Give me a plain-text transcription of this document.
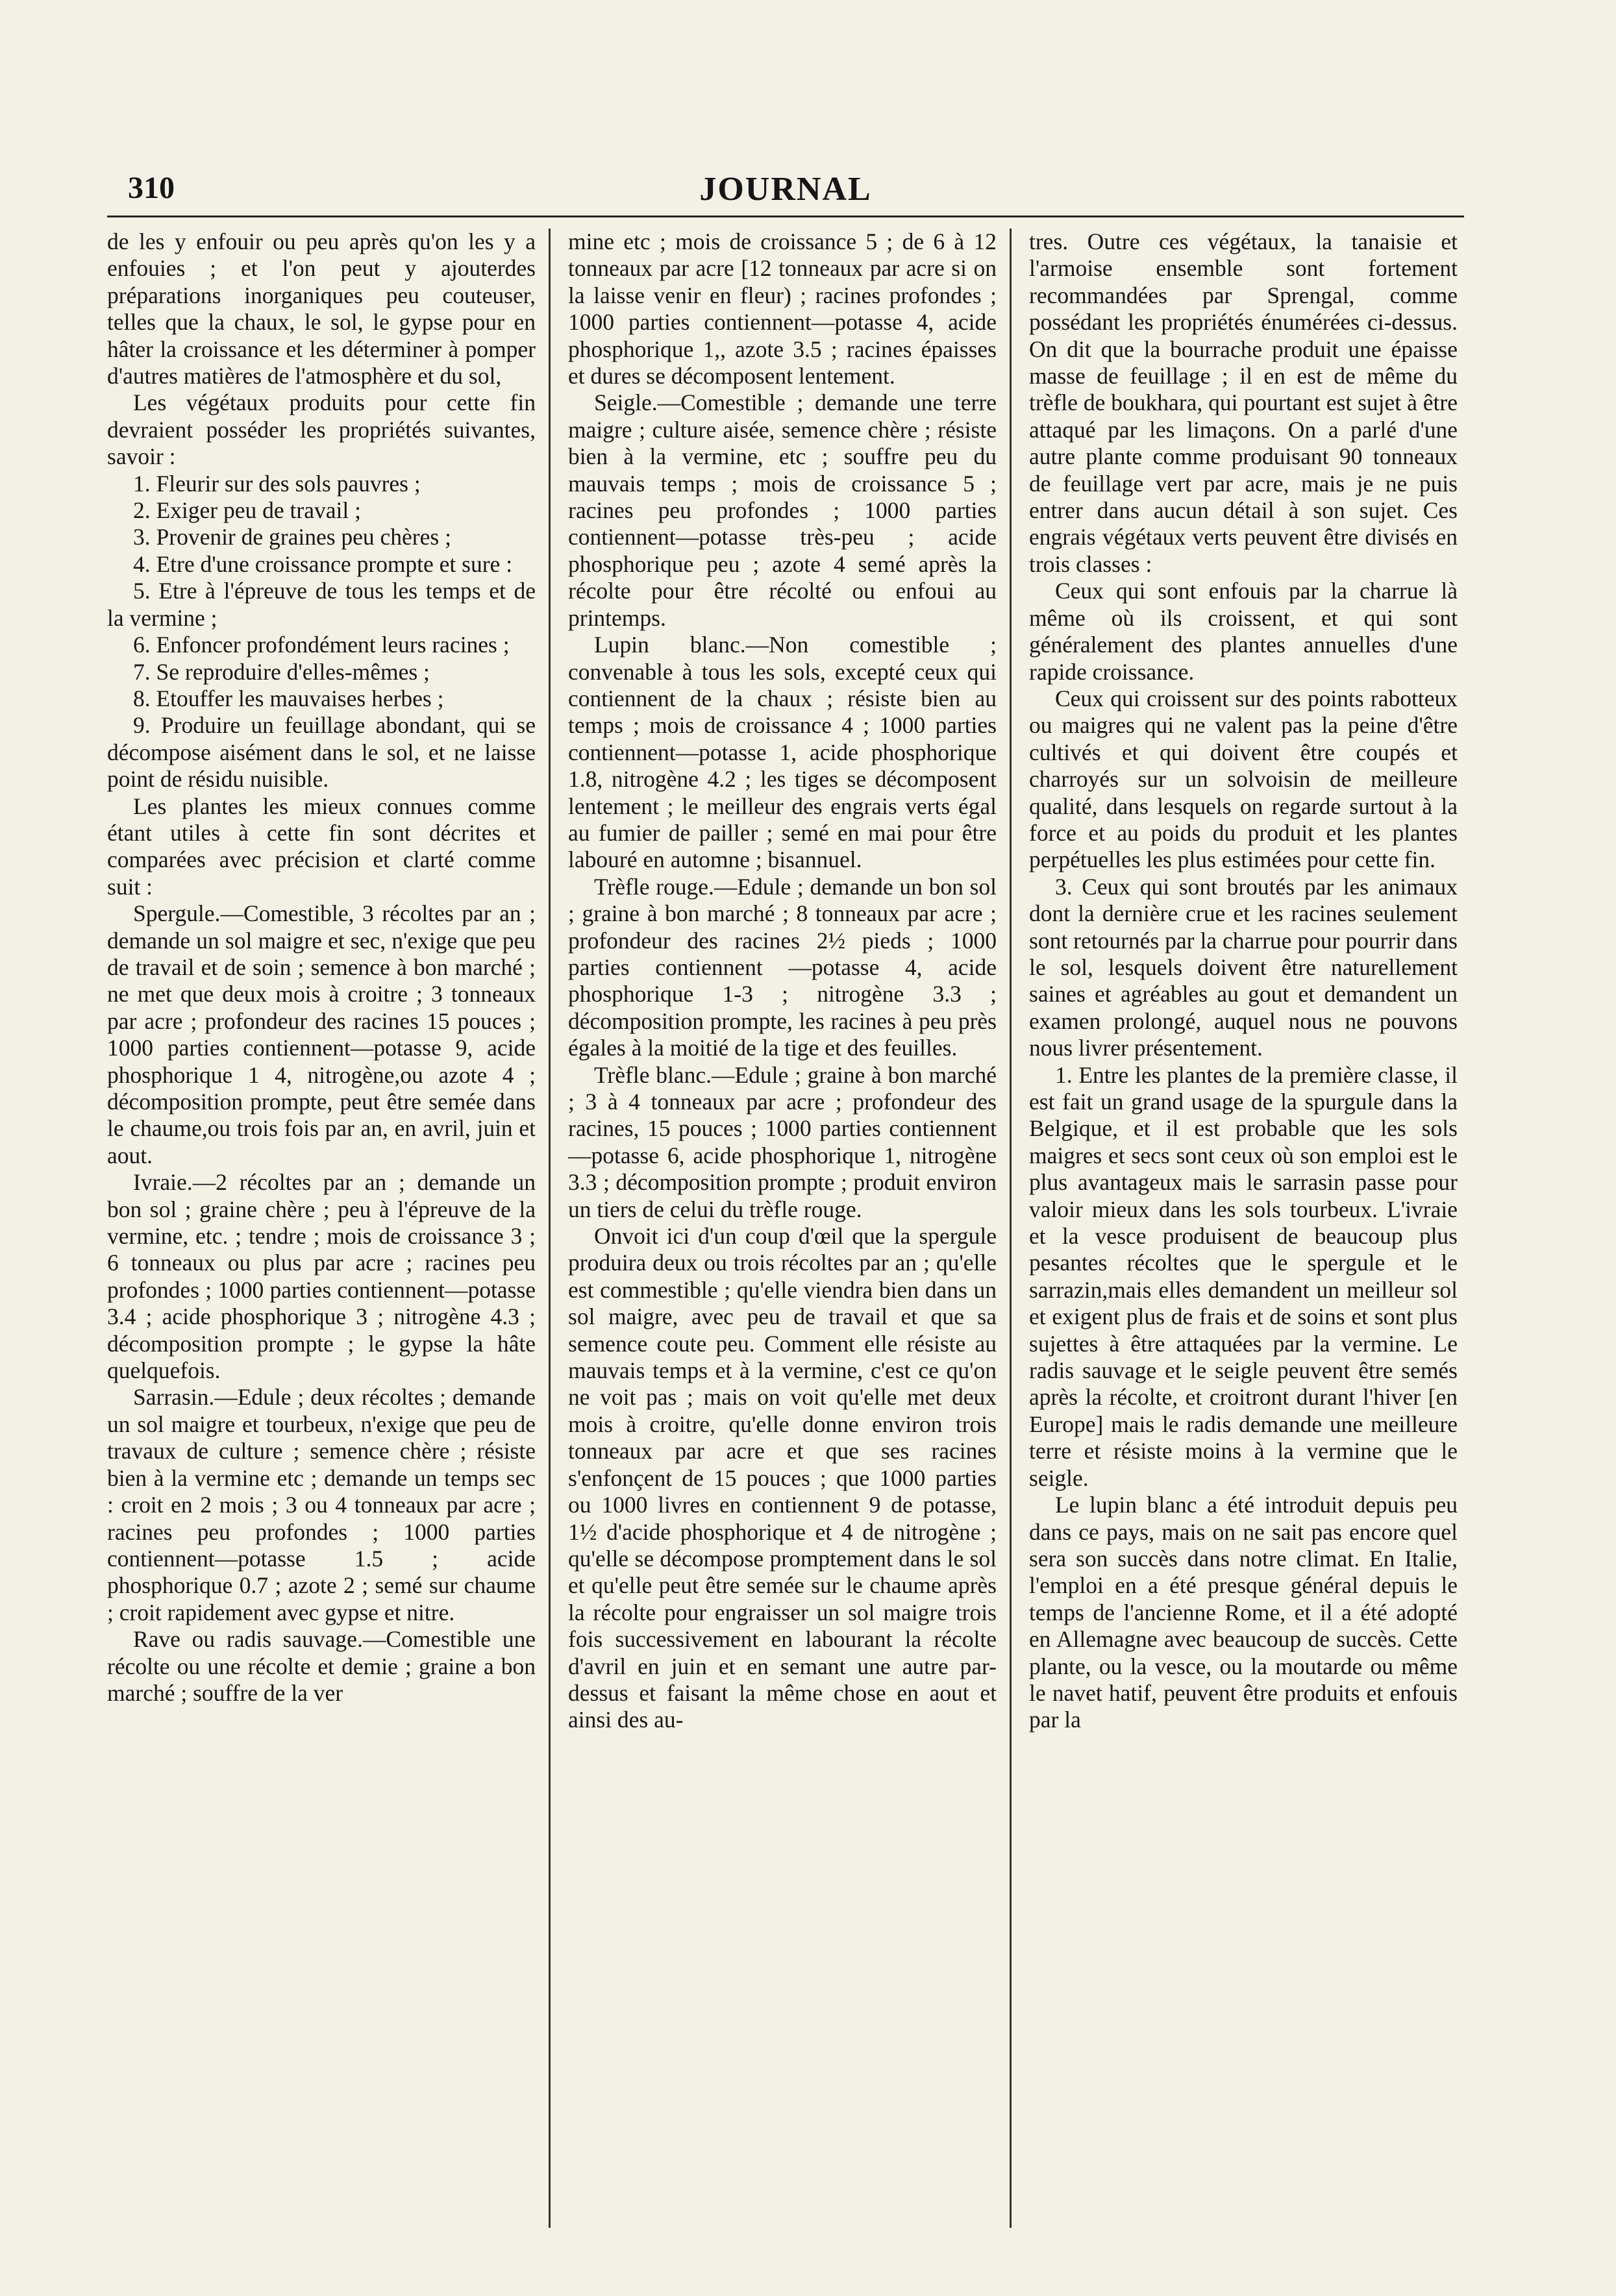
310	JOURNAL

de les y enfouir ou peu après qu'on les y a enfouies ; et l'on peut y ajouterdes préparations inorganiques peu couteuser, telles que la chaux, le sol, le gypse pour en hâter la croissance et les déterminer à pomper d'autres matières de l'atmosphère et du sol,

Les végétaux produits pour cette fin devraient posséder les propriétés suivantes, savoir :

1. Fleurir sur des sols pauvres ;

2. Exiger peu de travail ;

3. Provenir de graines peu chères ;

4. Etre d'une croissance prompte et sure :

5. Etre à l'épreuve de tous les temps et de la vermine ;

6. Enfoncer profondément leurs racines ;

7. Se reproduire d'elles-mêmes ;

8. Etouffer les mauvaises herbes ;

9. Produire un feuillage abondant, qui se décompose aisément dans le sol, et ne laisse point de résidu nuisible.

Les plantes les mieux connues comme étant utiles à cette fin sont décrites et comparées avec précision et clarté comme suit :

Spergule.—Comestible, 3 récoltes par an ; demande un sol maigre et sec, n'exige que peu de travail et de soin ; semence à bon marché ; ne met que deux mois à croitre ; 3 tonneaux par acre ; profondeur des racines 15 pouces ; 1000 parties contiennent—potasse 9, acide phosphorique 1 4, nitrogène,ou azote 4 ; décomposition prompte, peut être semée dans le chaume,ou trois fois par an, en avril, juin et aout.

Ivraie.—2 récoltes par an ; demande un bon sol ; graine chère ; peu à l'épreuve de la vermine, etc. ; tendre ; mois de croissance 3 ; 6 tonneaux ou plus par acre ; racines peu profondes ; 1000 parties contiennent—potasse 3.4 ; acide phosphorique 3 ; nitrogène 4.3 ; décomposition prompte ; le gypse la hâte quelquefois.

Sarrasin.—Edule ; deux récoltes ; demande un sol maigre et tourbeux, n'exige que peu de travaux de culture ; semence chère ; résiste bien à la vermine etc ; demande un temps sec : croit en 2 mois ; 3 ou 4 tonneaux par acre ; racines peu profondes ; 1000 parties contiennent—potasse 1.5 ; acide phosphorique 0.7 ; azote 2 ; semé sur chaume ; croit rapidement avec gypse et nitre.

Rave ou radis sauvage.—Comestible une récolte ou une récolte et demie ; graine a bon marché ; souffre de la ver

mine etc ; mois de croissance 5 ; de 6 à 12 tonneaux par acre [12 tonneaux par acre si on la laisse venir en fleur) ; racines profondes ; 1000 parties contiennent—potasse 4, acide phosphorique 1,, azote 3.5 ; racines épaisses et dures se décomposent lentement.

Seigle.—Comestible ; demande une terre maigre ; culture aisée, semence chère ; résiste bien à la vermine, etc ; souffre peu du mauvais temps ; mois de croissance 5 ; racines peu profondes ; 1000 parties contiennent—potasse très-peu ; acide phosphorique peu ; azote 4 semé après la récolte pour être récolté ou enfoui au printemps.

Lupin blanc.—Non comestible ; convenable à tous les sols, excepté ceux qui contiennent de la chaux ; résiste bien au temps ; mois de croissance 4 ; 1000 parties contiennent—potasse 1, acide phosphorique 1.8, nitrogène 4.2 ; les tiges se décomposent lentement ; le meilleur des engrais verts égal au fumier de pailler ; semé en mai pour être labouré en automne ; bisannuel.

Trèfle rouge.—Edule ; demande un bon sol ; graine à bon marché ; 8 tonneaux par acre ; profondeur des racines 2½ pieds ; 1000 parties contiennent —potasse 4, acide phosphorique 1-3 ; nitrogène 3.3 ; décomposition prompte, les racines à peu près égales à la moitié de la tige et des feuilles.

Trèfle blanc.—Edule ; graine à bon marché ; 3 à 4 tonneaux par acre ; profondeur des racines, 15 pouces ; 1000 parties contiennent—potasse 6, acide phosphorique 1, nitrogène 3.3 ; décomposition prompte ; produit environ un tiers de celui du trèfle rouge.

Onvoit ici d'un coup d'œil que la spergule produira deux ou trois récoltes par an ; qu'elle est commestible ; qu'elle viendra bien dans un sol maigre, avec peu de travail et que sa semence coute peu. Comment elle résiste au mauvais temps et à la vermine, c'est ce qu'on ne voit pas ; mais on voit qu'elle met deux mois à croitre, qu'elle donne environ trois tonneaux par acre et que ses racines s'enfonçent de 15 pouces ; que 1000 parties ou 1000 livres en contiennent 9 de potasse, 1½ d'acide phosphorique et 4 de nitrogène ; qu'elle se décompose promptement dans le sol et qu'elle peut être semée sur le chaume après la récolte pour engraisser un sol maigre trois fois successivement en labourant la récolte d'avril en juin et en semant une autre par-dessus et faisant la même chose en aout et ainsi des au-

tres. Outre ces végétaux, la tanaisie et l'armoise ensemble sont fortement recommandées par Sprengal, comme possédant les propriétés énumérées ci-dessus. On dit que la bourrache produit une épaisse masse de feuillage ; il en est de même du trèfle de boukhara, qui pourtant est sujet à être attaqué par les limaçons. On a parlé d'une autre plante comme produisant 90 tonneaux de feuillage vert par acre, mais je ne puis entrer dans aucun détail à son sujet. Ces engrais végétaux verts peuvent être divisés en trois classes :

Ceux qui sont enfouis par la charrue là même où ils croissent, et qui sont généralement des plantes annuelles d'une rapide croissance.

Ceux qui croissent sur des points rabotteux ou maigres qui ne valent pas la peine d'être cultivés et qui doivent être coupés et charroyés sur un solvoisin de meilleure qualité, dans lesquels on regarde surtout à la force et au poids du produit et les plantes perpétuelles les plus estimées pour cette fin.

3. Ceux qui sont broutés par les animaux dont la dernière crue et les racines seulement sont retournés par la charrue pour pourrir dans le sol, lesquels doivent être naturellement saines et agréables au gout et demandent un examen prolongé, auquel nous ne pouvons nous livrer présentement.

1. Entre les plantes de la première classe, il est fait un grand usage de la spurgule dans la Belgique, et il est probable que les sols maigres et secs sont ceux où son emploi est le plus avantageux mais le sarrasin passe pour valoir mieux dans les sols tourbeux. L'ivraie et la vesce produisent de beaucoup plus pesantes récoltes que le spergule et le sarrazin,mais elles demandent un meilleur sol et exigent plus de frais et de soins et sont plus sujettes à être attaquées par la vermine. Le radis sauvage et le seigle peuvent être semés après la récolte, et croitront durant l'hiver [en Europe] mais le radis demande une meilleure terre et résiste moins à la vermine que le seigle.

Le lupin blanc a été introduit depuis peu dans ce pays, mais on ne sait pas encore quel sera son succès dans notre climat. En Italie, l'emploi en a été presque général depuis le temps de l'ancienne Rome, et il a été adopté en Allemagne avec beaucoup de succès. Cette plante, ou la vesce, ou la moutarde ou même le navet hatif, peuvent être produits et enfouis par la
